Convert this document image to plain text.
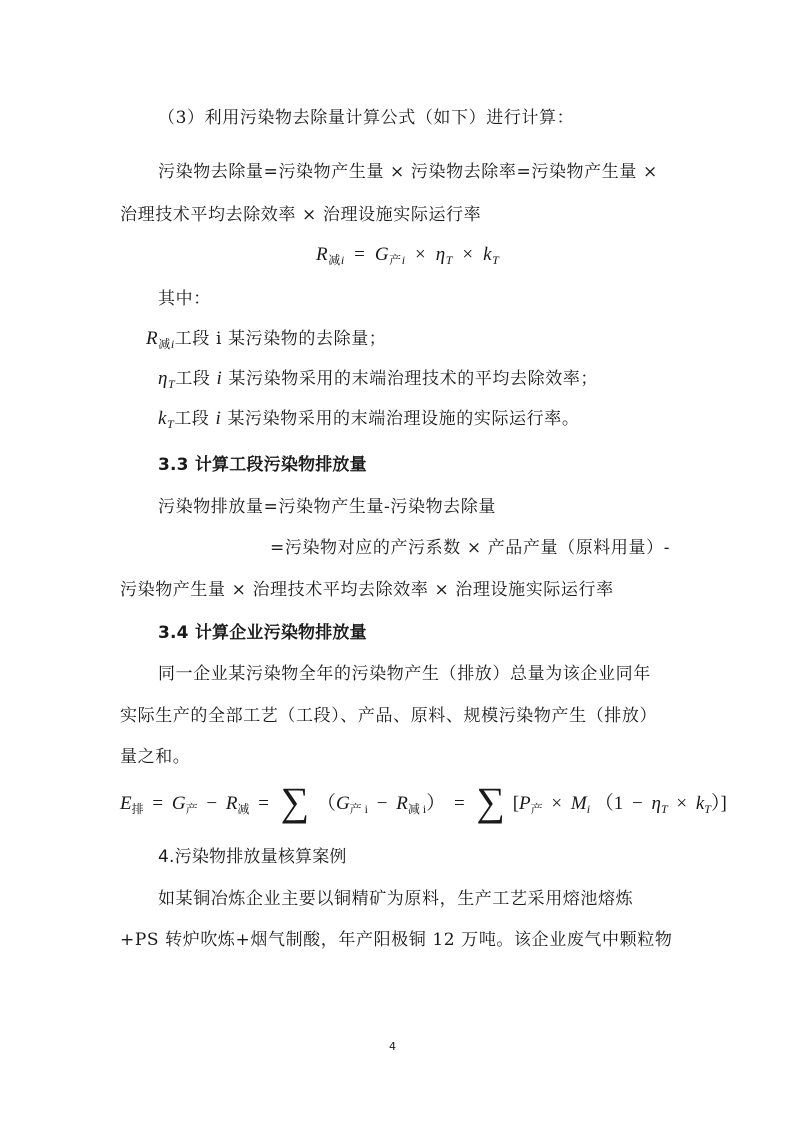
（3）利用污染物去除量计算公式（如下）进行计算：
污染物去除量=污染物产生量 × 污染物去除率=污染物产生量 ×
治理技术平均去除效率 × 治理设施实际运行率
$R_{减i} = G_{产i} \times \eta_T \times k_T$
其中：
$R_{减i}$工段 i 某污染物的去除量；
$\eta_T$工段 i 某污染物采用的末端治理技术的平均去除效率；
$k_T$工段 i 某污染物采用的末端治理设施的实际运行率。
3.3 计算工段污染物排放量
污染物排放量=污染物产生量-污染物去除量
=污染物对应的产污系数 × 产品产量（原料用量）-
污染物产生量 × 治理技术平均去除效率 × 治理设施实际运行率
3.4 计算企业污染物排放量
同一企业某污染物全年的污染物产生（排放）总量为该企业同年
实际生产的全部工艺（工段）、产品、原料、规模污染物产生（排放）
量之和。
$E_排 = G_产 - R_减$ = ∑ $(G_{产 i} - R_{减 i})$ = ∑ [$P_产 \times M_i$ $(1 - \eta_T \times k_T)$]
4.污染物排放量核算案例
如某铜冶炼企业主要以铜精矿为原料，生产工艺采用熔池熔炼
+PS 转炉吹炼+烟气制酸，年产阳极铜 12 万吨。该企业废气中颗粒物
4
